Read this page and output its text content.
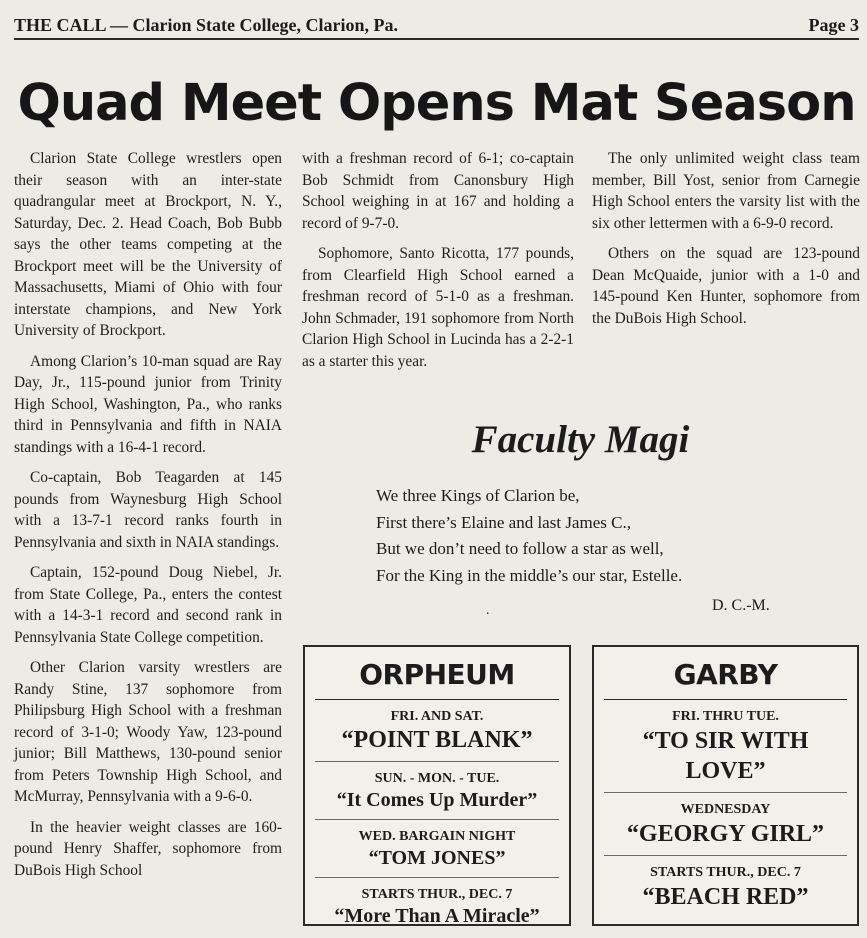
THE CALL — Clarion State College, Clarion, Pa.	Page 3
Quad Meet Opens Mat Season

Clarion State College wrestlers open their season with an inter-state quadrangular meet at Brockport, N. Y., Saturday, Dec. 2. Head Coach, Bob Bubb says the other teams competing at the Brockport meet will be the University of Massachusetts, Miami of Ohio with four interstate champions, and New York University of Brockport.

Among Clarion’s 10-man squad are Ray Day, Jr., 115-pound junior from Trinity High School, Washington, Pa., who ranks third in Pennsylvania and fifth in NAIA standings with a 16-4-1 record.

Co-captain, Bob Teagarden at 145 pounds from Waynesburg High School with a 13-7-1 record ranks fourth in Pennsylvania and sixth in NAIA standings.

Captain, 152-pound Doug Niebel, Jr. from State College, Pa., enters the contest with a 14-3-1 record and second rank in Pennsylvania State College competition.

Other Clarion varsity wrestlers are Randy Stine, 137 sophomore from Philipsburg High School with a freshman record of 3-1-0; Woody Yaw, 123-pound junior; Bill Matthews, 130-pound senior from Peters Township High School, and McMurray, Pennsylvania with a 9-6-0.

In the heavier weight classes are 160-pound Henry Shaffer, sophomore from DuBois High School

with a freshman record of 6-1; co-captain Bob Schmidt from Canonsbury High School weighing in at 167 and holding a record of 9-7-0.

Sophomore, Santo Ricotta, 177 pounds, from Clearfield High School earned a freshman record of 5-1-0 as a freshman. John Schmader, 191 sophomore from North Clarion High School in Lucinda has a 2-2-1 as a starter this year.

The only unlimited weight class team member, Bill Yost, senior from Carnegie High School enters the varsity list with the six other lettermen with a 6-9-0 record.

Others on the squad are 123-pound Dean McQuaide, junior with a 1-0 and 145-pound Ken Hunter, sophomore from the DuBois High School.

Faculty Magi
We three Kings of Clarion be,
First there’s Elaine and last James C.,
But we don’t need to follow a star as well,
For the King in the middle’s our star, Estelle.
.	D. C.-M.
ORPHEUM
FRI. AND SAT.
“POINT BLANK”
SUN. - MON. - TUE.
“It Comes Up Murder”
WED. BARGAIN NIGHT
“TOM JONES”
STARTS THUR., DEC. 7
“More Than A Miracle”
GARBY
FRI. THRU TUE.
“TO SIR WITH LOVE”
WEDNESDAY
“GEORGY GIRL”
STARTS THUR., DEC. 7
“BEACH RED”
